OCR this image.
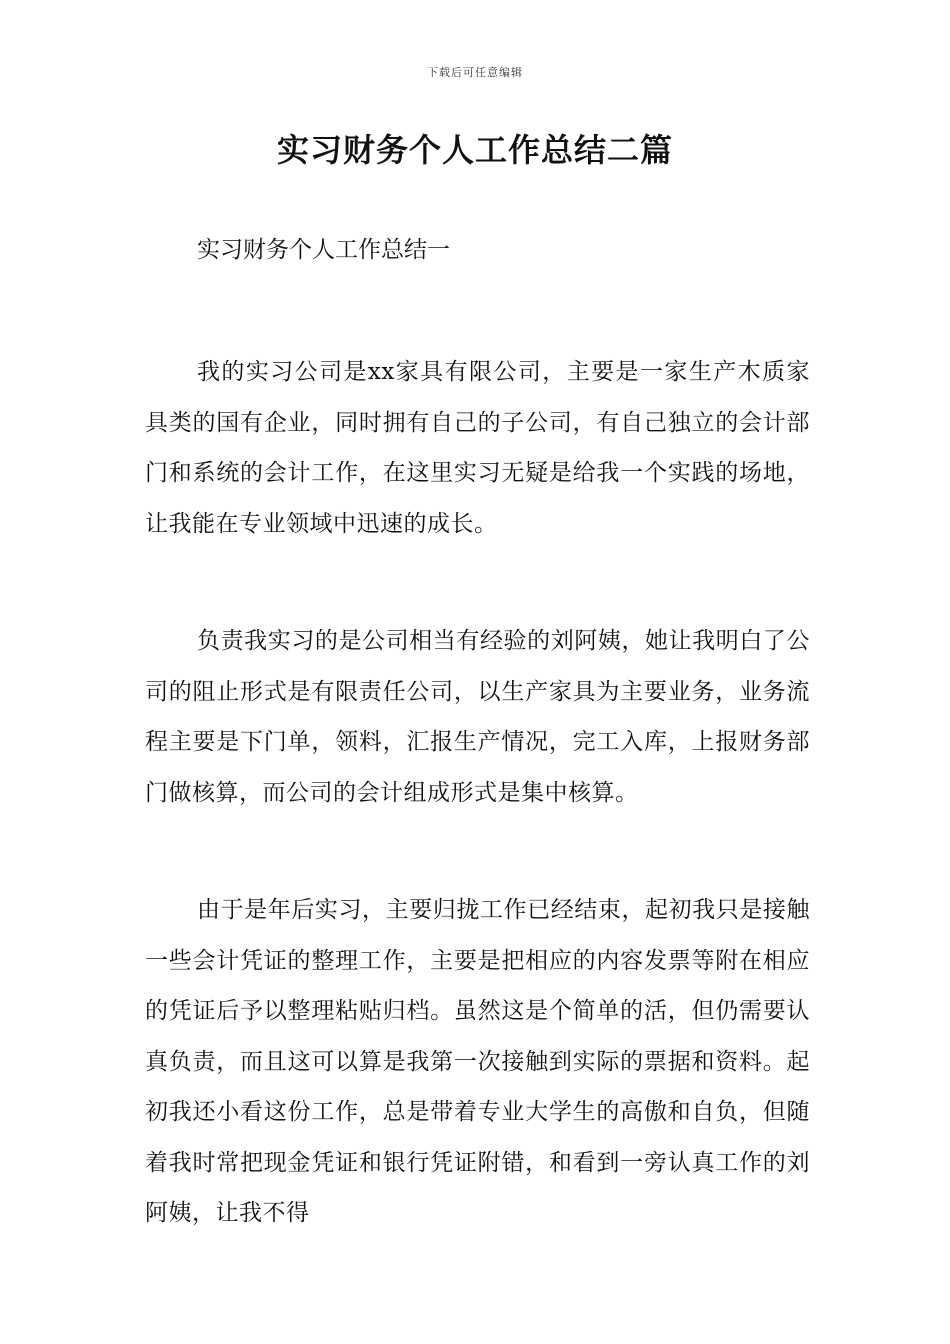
下载后可任意编辑
实习财务个人工作总结二篇

实习财务个人工作总结一

我的实习公司是xx家具有限公司，主要是一家生产木质家具类的国有企业，同时拥有自己的子公司，有自己独立的会计部门和系统的会计工作，在这里实习无疑是给我一个实践的场地，让我能在专业领域中迅速的成长。

负责我实习的是公司相当有经验的刘阿姨，她让我明白了公司的阻止形式是有限责任公司，以生产家具为主要业务，业务流程主要是下门单，领料，汇报生产情况，完工入库，上报财务部门做核算，而公司的会计组成形式是集中核算。

由于是年后实习，主要归拢工作已经结束，起初我只是接触一些会计凭证的整理工作，主要是把相应的内容发票等附在相应的凭证后予以整理粘贴归档。虽然这是个简单的活，但仍需要认真负责，而且这可以算是我第一次接触到实际的票据和资料。起初我还小看这份工作，总是带着专业大学生的高傲和自负，但随着我时常把现金凭证和银行凭证附错，和看到一旁认真工作的刘阿姨，让我不得
